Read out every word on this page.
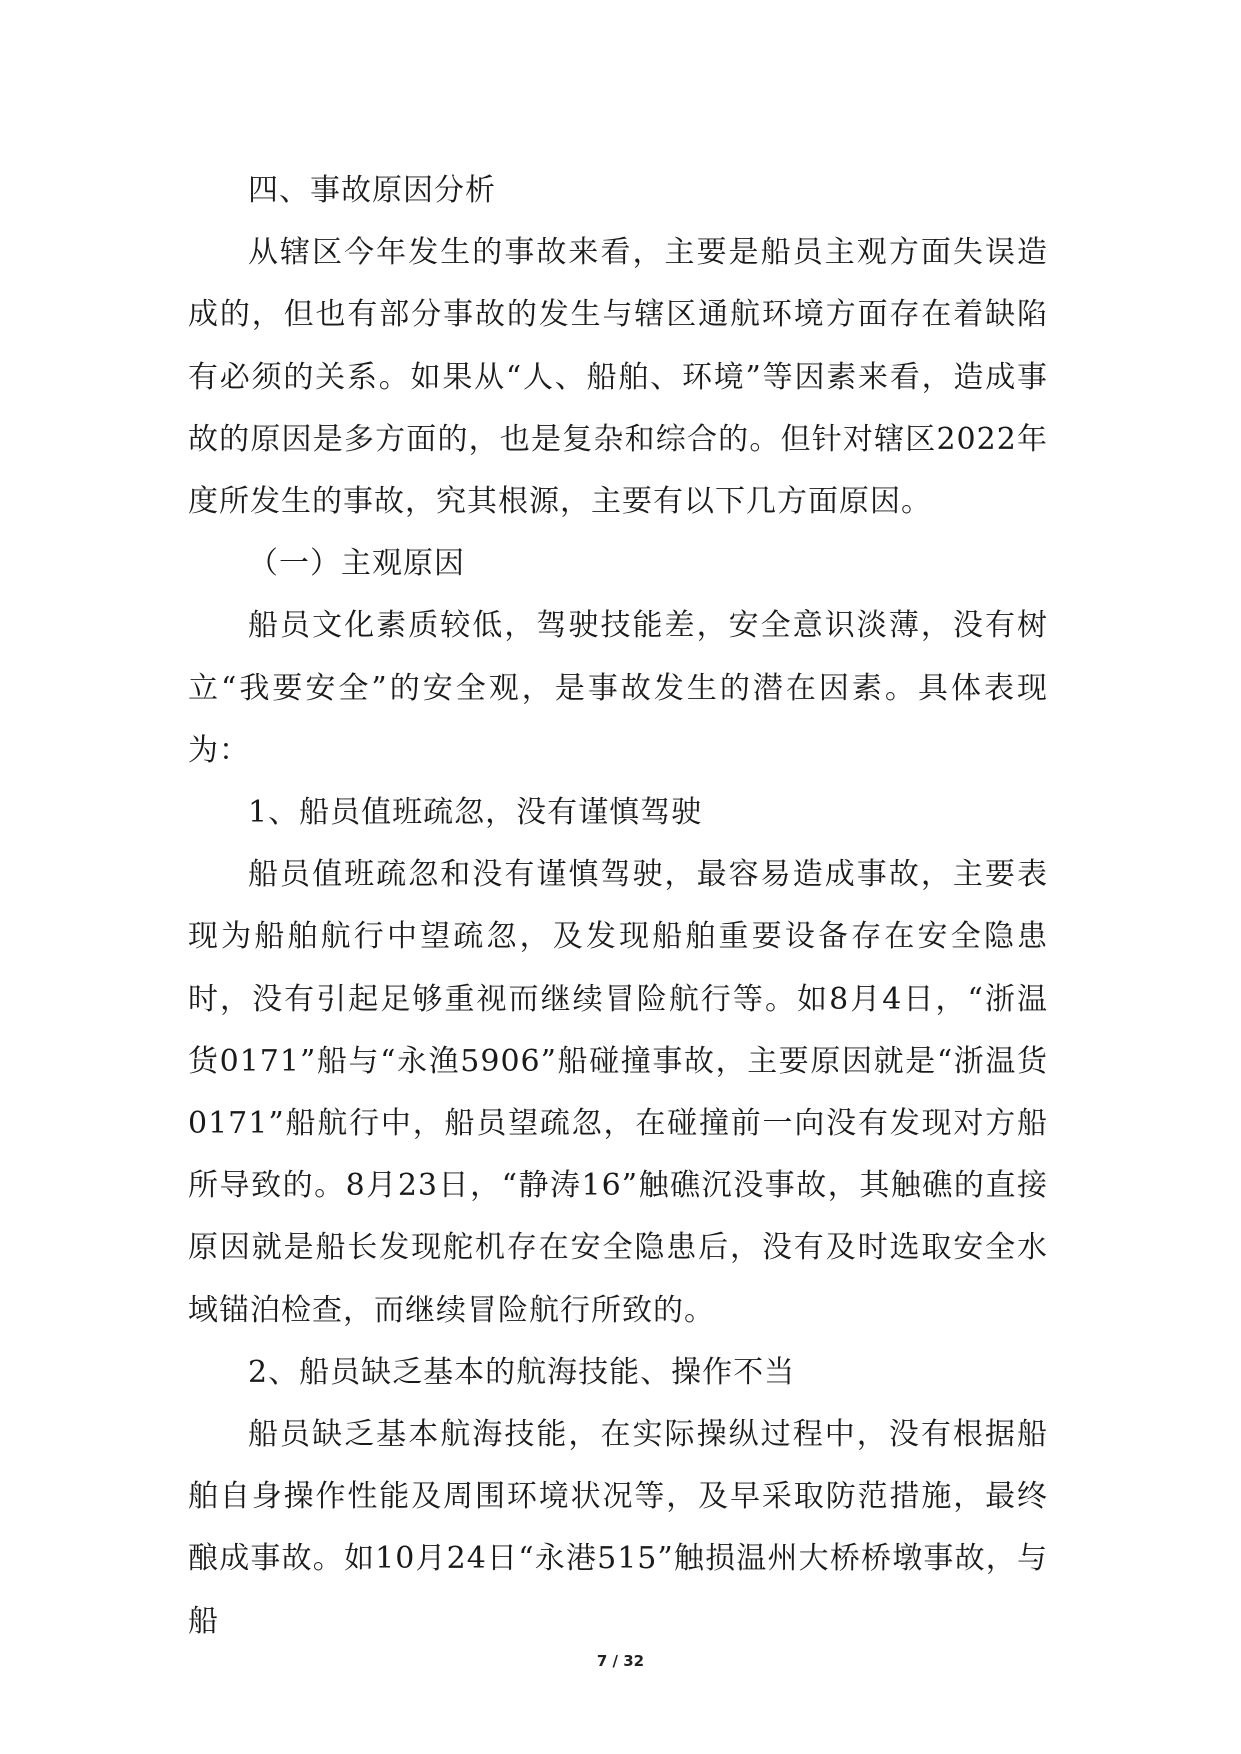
四、事故原因分析

从辖区今年发生的事故来看，主要是船员主观方面失误造成的，但也有部分事故的发生与辖区通航环境方面存在着缺陷有必须的关系。如果从“人、船舶、环境”等因素来看，造成事故的原因是多方面的，也是复杂和综合的。但针对辖区2022年度所发生的事故，究其根源，主要有以下几方面原因。

（一）主观原因

船员文化素质较低，驾驶技能差，安全意识淡薄，没有树立“我要安全”的安全观，是事故发生的潜在因素。具体表现为：

1、船员值班疏忽，没有谨慎驾驶

船员值班疏忽和没有谨慎驾驶，最容易造成事故，主要表现为船舶航行中望疏忽，及发现船舶重要设备存在安全隐患时，没有引起足够重视而继续冒险航行等。如8月4日，“浙温货0171”船与“永渔5906”船碰撞事故，主要原因就是“浙温货0171”船航行中，船员望疏忽，在碰撞前一向没有发现对方船所导致的。8月23日，“静涛16”触礁沉没事故，其触礁的直接原因就是船长发现舵机存在安全隐患后，没有及时选取安全水域锚泊检查，而继续冒险航行所致的。

2、船员缺乏基本的航海技能、操作不当

船员缺乏基本航海技能，在实际操纵过程中，没有根据船舶自身操作性能及周围环境状况等，及早采取防范措施，最终酿成事故。如10月24日“永港515”触损温州大桥桥墩事故，与船

7 / 32
